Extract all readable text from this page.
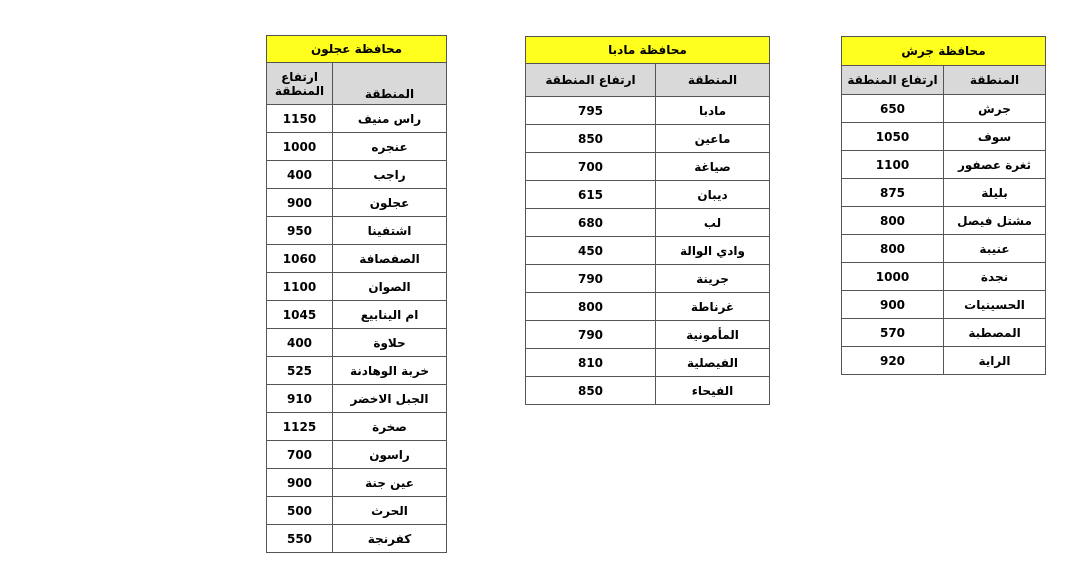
محافظة جرش	
المنطقة	ارتفاع المنطقة
جرش	650
سوف	1050
ثغرة عصفور	1100
بليلة	875
مشتل فيصل	800
عنيبة	800
نجدة	1000
الحسينيات	900
المصطبة	570
الراية	920
محافظة مادبا	
المنطقة	ارتفاع المنطقة
مادبا	795
ماعين	850
صياغة	700
ديبان	615
لب	680
وادي الوالة	450
جرينة	790
غرناطة	800
المأمونية	790
الفيصلية	810
الفيحاء	850
محافظة عجلون	
المنطقة	ارتفاع المنطقة
راس منيف	1150
عنجره	1000
راجب	400
عجلون	900
اشتفينا	950
الصفصافة	1060
الصوان	1100
ام الينابيع	1045
حلاوة	400
خربة الوهادنة	525
الجبل الاخضر	910
صخرة	1125
راسون	700
عين جنة	900
الحرث	500
كفرنجة	550
